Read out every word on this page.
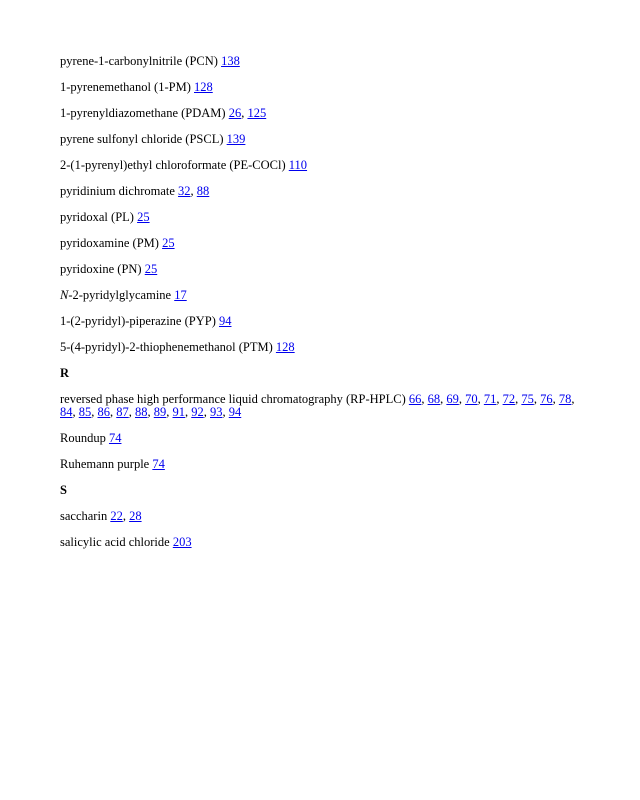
pyrene-1-carbonylnitrile (PCN) 138
1-pyrenemethanol (1-PM) 128
1-pyrenyldiazomethane (PDAM) 26, 125
pyrene sulfonyl chloride (PSCL) 139
2-(1-pyrenyl)ethyl chloroformate (PE-COCl) 110
pyridinium dichromate 32, 88
pyridoxal (PL) 25
pyridoxamine (PM) 25
pyridoxine (PN) 25
N-2-pyridylglycamine 17
1-(2-pyridyl)-piperazine (PYP) 94
5-(4-pyridyl)-2-thiophenemethanol (PTM) 128
R
reversed phase high performance liquid chromatography (RP-HPLC) 66, 68, 69, 70, 71, 72, 75, 76, 78, 84, 85, 86, 87, 88, 89, 91, 92, 93, 94
Roundup 74
Ruhemann purple 74
S
saccharin 22, 28
salicylic acid chloride 203
